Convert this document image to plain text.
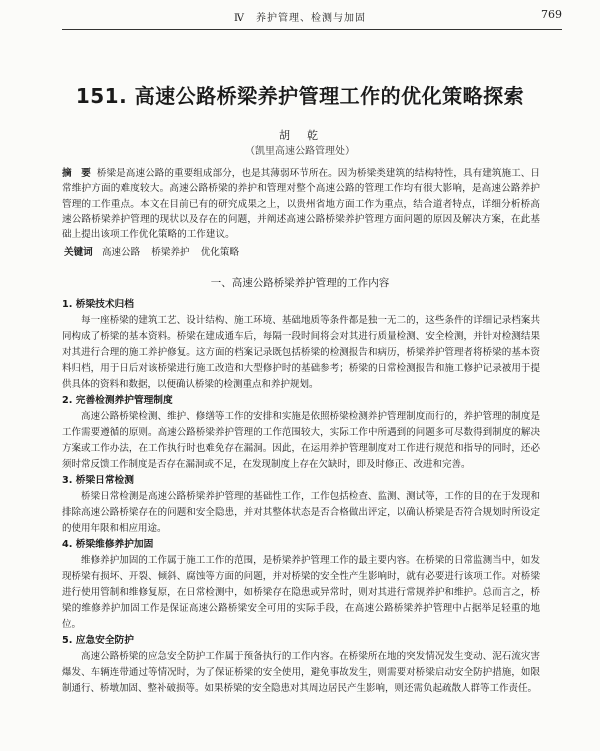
Ⅳ　养护管理、检测与加固	769
151. 高速公路桥梁养护管理工作的优化策略探索
胡　乾
（凯里高速公路管理处）
摘　要 桥梁是高速公路的重要组成部分，也是其薄弱环节所在。因为桥梁类建筑的结构特性，具有建筑施工、日常维护方面的难度较大。高速公路桥梁的养护和管理对整个高速公路的管理工作均有很大影响，是高速公路养护管理的工作重点。本文在目前已有的研究成果之上，以贵州省地方面工作为重点，结合道者特点，详细分析桥高速公路桥梁养护管理的现状以及存在的问题，并阐述高速公路桥梁养护管理方面问题的原因及解决方案，在此基础上提出该项工作优化策略的工作建议。
关键词 高速公路 桥梁养护 优化策略
一、高速公路桥梁养护管理的工作内容

1. 桥梁技术归档

每一座桥梁的建筑工艺、设计结构、施工环境、基础地质等条件都是独一无二的，这些条件的详细记录档案共同构成了桥梁的基本资料。桥梁在建成通车后，每隔一段时间将会对其进行质量检测、安全检测，并针对检测结果对其进行合理的施工养护修复。这方面的档案记录既包括桥梁的检测报告和病历，桥梁养护管理者将桥梁的基本资料归档，用于日后对该桥梁进行施工改造和大型修护时的基础参考；桥梁的日常检测报告和施工修护记录被用于提供具体的资料和数据，以便确认桥梁的检测重点和养护规划。

2. 完善检测养护管理制度

高速公路桥梁检测、维护、修缮等工作的安排和实施是依照桥梁检测养护管理制度而行的，养护管理的制度是工作需要遵循的原则。高速公路桥梁养护管理的工作范围较大，实际工作中所遇到的问题多可尽数得到制度的解决方案或工作办法，在工作执行时也难免存在漏洞。因此，在运用养护管理制度对工作进行规范和指导的同时，还必须时常反馈工作制度是否存在漏洞或不足，在发现制度上存在欠缺时，即及时修正、改进和完善。

3. 桥梁日常检测

桥梁日常检测是高速公路桥梁养护管理的基础性工作，工作包括检查、监测、测试等，工作的目的在于发现和排除高速公路桥梁存在的问题和安全隐患，并对其整体状态是否合格做出评定，以确认桥梁是否符合规划时所设定的使用年限和相应用途。

4. 桥梁维修养护加固

维修养护加固的工作属于施工工作的范围，是桥梁养护管理工作的最主要内容。在桥梁的日常监测当中，如发现桥梁有损坏、开裂、倾斜、腐蚀等方面的问题，并对桥梁的安全性产生影响时，就有必要进行该项工作。对桥梁进行使用管制和维修复原，在日常检测中，如桥梁存在隐患或异常时，则对其进行常规养护和维护。总而言之，桥梁的维修养护加固工作是保证高速公路桥梁安全可用的实际手段，在高速公路桥梁养护管理中占据举足轻重的地位。

5. 应急安全防护

高速公路桥梁的应急安全防护工作属于预备执行的工作内容。在桥梁所在地的突发情况发生变动、泥石流灾害爆发、车辆连带通过等情况时，为了保证桥梁的安全使用，避免事故发生，则需要对桥梁启动安全防护措施，如限制通行、桥墩加固、整补破损等。如果桥梁的安全隐患对其周边居民产生影响，则还需负起疏散人群等工作责任。
